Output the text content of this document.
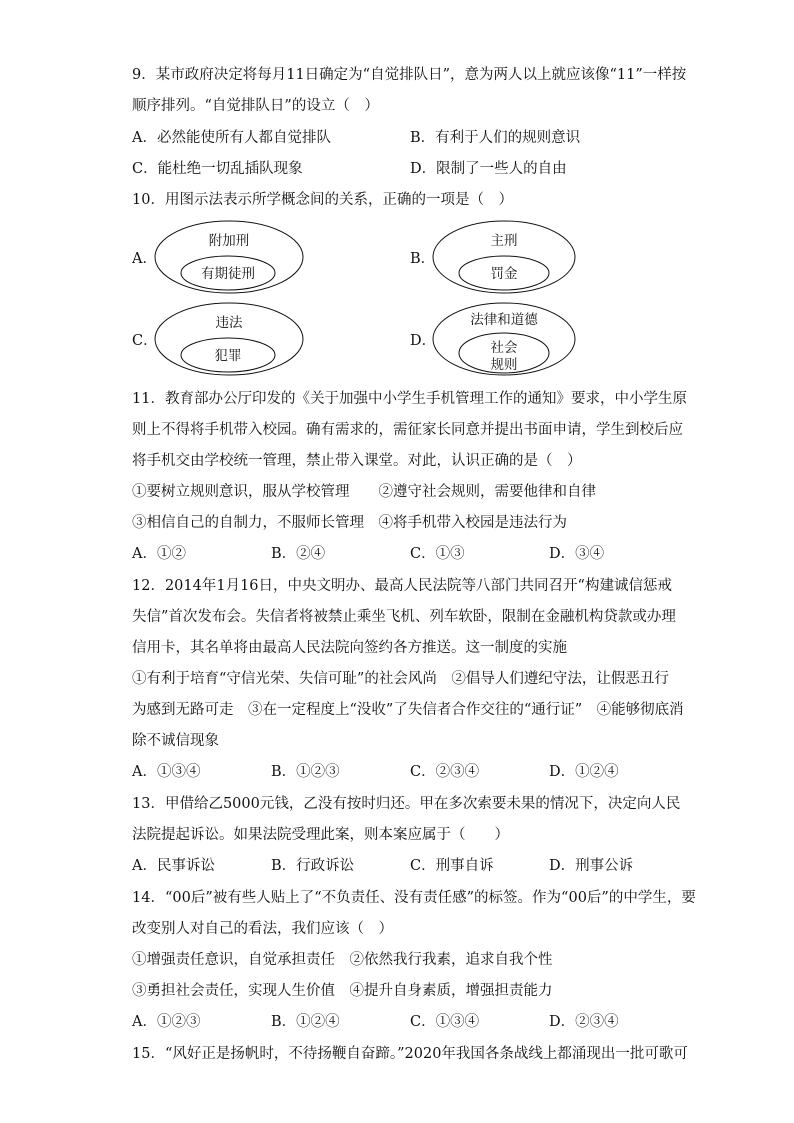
9．某市政府决定将每月11日确定为“自觉排队日”，意为两人以上就应该像“11”一样按
顺序排列。“自觉排队日”的设立（　）
A．必然能使所有人都自觉排队	B．有利于人们的规则意识
C．能杜绝一切乱插队现象	D．限制了一些人的自由
10．用图示法表示所学概念间的关系，正确的一项是（　）
A．
附加刑
有期徒刑
B．
主刑
罚金
C．
违法
犯罪
D．
法律和道德
社会
规则
11．教育部办公厅印发的《关于加强中小学生手机管理工作的通知》要求，中小学生原
则上不得将手机带入校园。确有需求的，需征家长同意并提出书面申请，学生到校后应
将手机交由学校统一管理，禁止带入课堂。对此，认识正确的是（　）
①要树立规则意识，服从学校管理　　②遵守社会规则，需要他律和自律
③相信自己的自制力，不服师长管理　④将手机带入校园是违法行为
A．①②	B．②④	C．①③	D．③④
12．2014年1月16日，中央文明办、最高人民法院等八部门共同召开“构建诚信惩戒
失信”首次发布会。失信者将被禁止乘坐飞机、列车软卧，限制在金融机构贷款或办理
信用卡，其名单将由最高人民法院向签约各方推送。这一制度的实施
①有利于培育“守信光荣、失信可耻”的社会风尚　②倡导人们遵纪守法，让假恶丑行
为感到无路可走　③在一定程度上“没收”了失信者合作交往的“通行证”　④能够彻底消
除不诚信现象
A．①③④	B．①②③	C．②③④	D．①②④
13．甲借给乙5000元钱，乙没有按时归还。甲在多次索要未果的情况下，决定向人民
法院提起诉讼。如果法院受理此案，则本案应属于（　　）
A．民事诉讼	B．行政诉讼	C．刑事自诉	D．刑事公诉
14．“00后”被有些人贴上了“不负责任、没有责任感”的标签。作为“00后”的中学生，要
改变别人对自己的看法，我们应该（　）
①增强责任意识，自觉承担责任　②依然我行我素，追求自我个性
③勇担社会责任，实现人生价值　④提升自身素质，增强担责能力
A．①②③	B．①②④	C．①③④	D．②③④
15．“风好正是扬帆时，不待扬鞭自奋蹄。”2020年我国各条战线上都涌现出一批可歌可
